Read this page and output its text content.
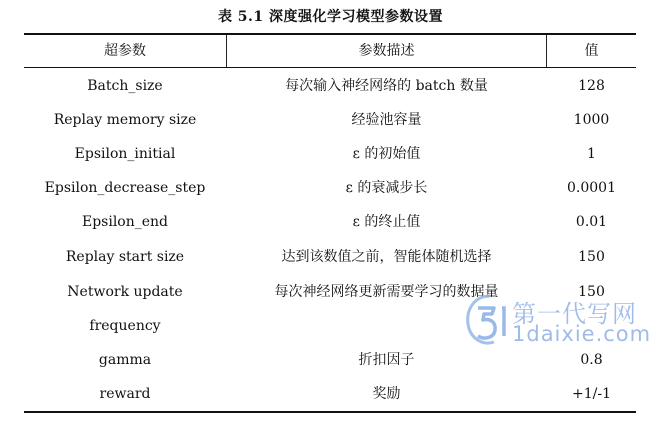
表 5.1 深度强化学习模型参数设置
超参数	参数描述	值
Batch_size	每次输入神经网络的 batch 数量	128
Replay memory size	经验池容量	1000
Epsilon_initial	ε 的初始值	1
Epsilon_decrease_step	ε 的衰减步长	0.0001
Epsilon_end	ε 的终止值	0.01
Replay start size	达到该数值之前，智能体随机选择	150
Network update	每次神经网络更新需要学习的数据量	150
frequency
gamma	折扣因子	0.8
reward	奖励	+1/-1
第一代写网
1daixie.com
